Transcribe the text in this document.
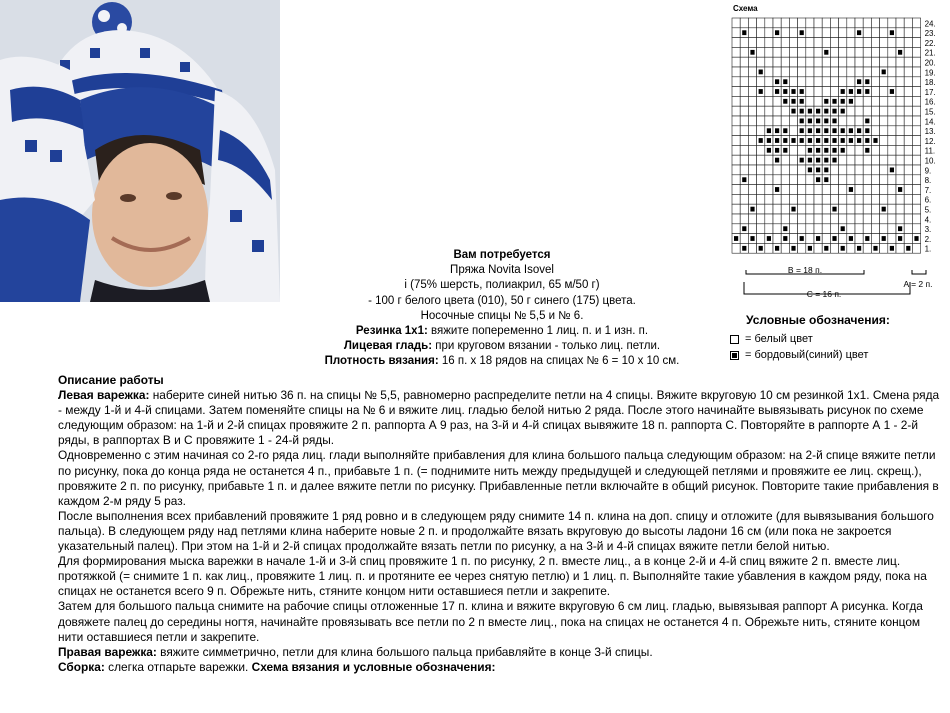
Вам потребуется
Пряжа Novita Isovel
i (75% шерсть, полиакрил, 65 м/50 г)
- 100 г белого цвета (010), 50 г синего (175) цвета.
Носочные спицы № 5,5 и № 6.
Резинка 1x1: вяжите попеременно 1 лиц. п. и 1 изн. п.
Лицевая гладь: при круговом вязании - только лиц. петли.
Плотность вязания: 16 п. х 18 рядов на спицах № 6 = 10 х 10 см.

Описание работы

Левая варежка: наберите синей нитью 36 п. на спицы № 5,5, равномерно распределите петли на 4 спицы. Вяжите вкруговую 10 см резинкой 1x1. Смена ряда - между 1-й и 4-й спицами. Затем поменяйте спицы на № 6 и вяжите лиц. гладью белой нитью 2 ряда. После этого начинайте вывязывать рисунок по схеме следующим образом: на 1-й и 2-й спицах провяжите 2 п. раппорта А 9 раз, на 3-й и 4-й спицах вывяжите 18 п. раппорта С. Повторяйте в раппорте А 1 - 2-й ряды, в раппортах В и С провяжите 1 - 24-й ряды.

Одновременно с этим начиная со 2-го ряда лиц. глади выполняйте прибавления для клина большого пальца следующим образом: на 2-й спице вяжите петли по рисунку, пока до конца ряда не останется 4 п., прибавьте 1 п. (= поднимите нить между предыдущей и следующей петлями и провяжите ее лиц. скрещ.), провяжите 2 п. по рисунку, прибавьте 1 п. и далее вяжите петли по рисунку. Прибавленные петли включайте в общий рисунок. Повторите такие прибавления в каждом 2-м ряду 5 раз.

После выполнения всех прибавлений провяжите 1 ряд ровно и в следующем ряду снимите 14 п. клина на доп. спицу и отложите (для вывязывания большого пальца). В следующем ряду над петлями клина наберите новые 2 п. и продолжайте вязать вкруговую до высоты ладони 16 см (или пока не закроется указательный палец). При этом на 1-й и 2-й спицах продолжайте вязать петли по рисунку, а на 3-й и 4-й спицах вяжите петли белой нитью.

Для формирования мыска варежки в начале 1-й и 3-й спиц провяжите 1 п. по рисунку, 2 п. вместе лиц., а в конце 2-й и 4-й спиц вяжите 2 п. вместе лиц. протяжкой (= снимите 1 п. как лиц., провяжите 1 лиц. п. и протяните ее через снятую петлю) и 1 лиц. п. Выполняйте такие убавления в каждом ряду, пока на спицах не останется всего 9 п. Обрежьте нить, стяните концом нити оставшиеся петли и закрепите.

Затем для большого пальца снимите на рабочие спицы отложенные 17 п. клина и вяжите вкруговую 6 см лиц. гладью, вывязывая раппорт А рисунка. Когда довяжете палец до середины ногтя, начинайте провязывать все петли по 2 п вместе лиц., пока на спицах не останется 4 п. Обрежьте нить, стяните концом нити оставшиеся петли и закрепите.

Правая варежка: вяжите симметрично, петли для клина большого пальца прибавляйте в конце 3-й спицы.

Сборка: слегка отпарьте варежки. Схема вязания и условные обозначения:

Схема
24.
23.
22.
21.
20.
19.
18.
17.
16.
15.
14.
13.
12.
11.
10.
9.
8.
7.
6.
5.
4.
3.
2.
1.
B = 18 п.
C = 16 п.
A = 2 п.
Условные обозначения:
= белый цвет
= бордовый(синий) цвет
